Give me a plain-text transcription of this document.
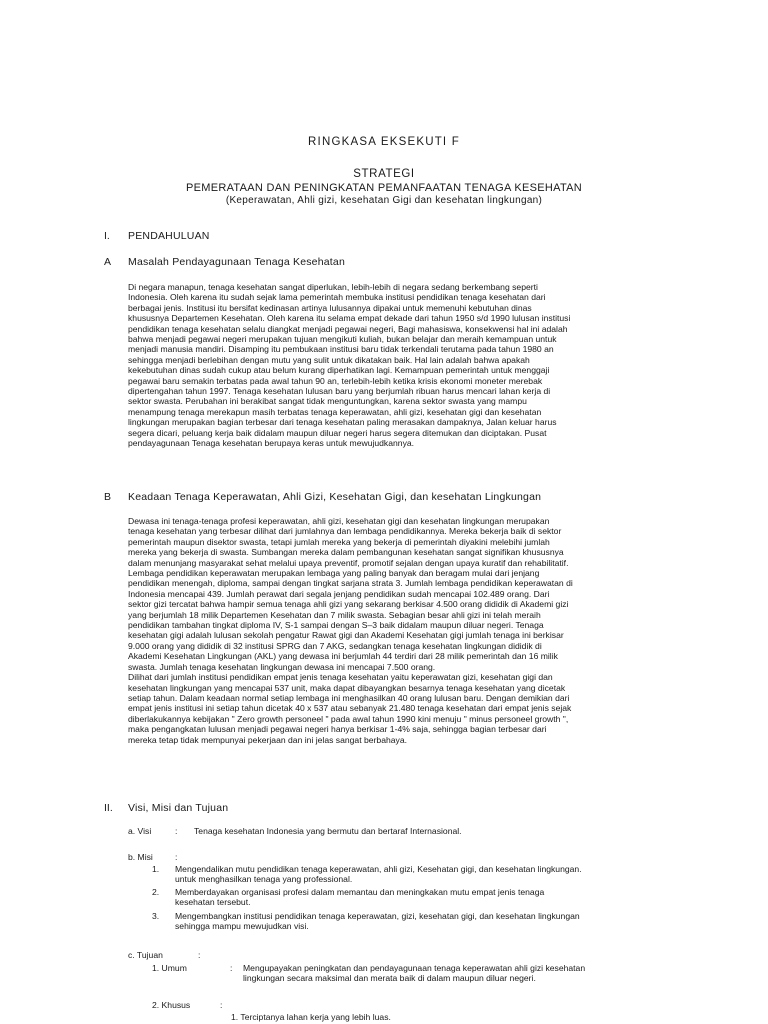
RINGKASA EKSEKUTI F
STRATEGI
PEMERATAAN DAN PENINGKATAN PEMANFAATAN TENAGA KESEHATAN
(Keperawatan, Ahli gizi, kesehatan Gigi dan kesehatan lingkungan)
I. PENDAHULUAN
A Masalah Pendayagunaan Tenaga Kesehatan
Di negara manapun, tenaga kesehatan sangat diperlukan, lebih-lebih di negara sedang berkembang seperti
Indonesia. Oleh karena itu sudah sejak lama pemerintah membuka institusi pendidikan tenaga kesehatan dari
berbagai jenis. Institusi itu bersifat kedinasan artinya lulusannya dipakai untuk memenuhi kebutuhan dinas
khususnya Departemen Kesehatan. Oleh karena itu selama empat dekade dari tahun 1950 s/d 1990 lulusan institusi
pendidikan tenaga kesehatan selalu diangkat menjadi pegawai negeri, Bagi mahasiswa, konsekwensi hal ini adalah
bahwa menjadi pegawai negeri merupakan tujuan mengikuti kuliah, bukan belajar dan meraih kemampuan untuk
menjadi manusia mandiri. Disamping itu pembukaan institusi baru tidak terkendali terutama pada tahun 1980 an
sehingga menjadi berlebihan dengan mutu yang sulit untuk dikatakan baik. Hal lain adalah bahwa apakah
kekebutuhan dinas sudah cukup atau belum kurang diperhatikan lagi. Kemampuan pemerintah untuk menggaji
pegawai baru semakin terbatas pada awal tahun 90 an, terlebih-lebih ketika krisis ekonomi moneter merebak
dipertengahan tahun 1997. Tenaga kesehatan lulusan baru yang berjumlah ribuan harus mencari lahan kerja di
sektor swasta. Perubahan ini berakibat sangat tidak menguntungkan, karena sektor swasta yang mampu
menampung tenaga merekapun masih terbatas tenaga keperawatan, ahli gizi, kesehatan gigi dan kesehatan
lingkungan merupakan bagian terbesar dari tenaga kesehatan paling merasakan dampaknya, Jalan keluar harus
segera dicari, peluang kerja baik didalam maupun diluar negeri harus segera ditemukan dan diciptakan. Pusat
pendayagunaan Tenaga kesehatan berupaya keras untuk mewujudkannya.
B Keadaan Tenaga Keperawatan, Ahli Gizi, Kesehatan Gigi, dan kesehatan Lingkungan
Dewasa ini tenaga-tenaga profesi keperawatan, ahli gizi, kesehatan gigi dan kesehatan lingkungan merupakan
tenaga kesehatan yang terbesar dilihat dari jumlahnya dan lembaga pendidikannya. Mereka bekerja baik di sektor
pemerintah maupun disektor swasta, tetapi jumlah mereka yang bekerja di pemerintah diyakini melebihi jumlah
mereka yang bekerja di swasta. Sumbangan mereka dalam pembangunan kesehatan sangat signifikan khususnya
dalam menunjang masyarakat sehat melalui upaya preventif, promotif sejalan dengan upaya kuratif dan rehabilitatif.
Lembaga pendidikan keperawatan merupakan lembaga yang paling banyak dan beragam mulai dari jenjang
pendidikan menengah, diploma, sampai dengan tingkat sarjana strata 3. Jumlah lembaga pendidikan keperawatan di
Indonesia mencapai 439. Jumlah perawat dari segala jenjang pendidikan sudah mencapai 102.489 orang. Dari
sektor gizi tercatat bahwa hampir semua tenaga ahli gizi yang sekarang berkisar 4.500 orang dididik di Akademi gizi
yang berjumlah 18 milik Departemen Kesehatan dan 7 milik swasta. Sebagian besar ahli gizi ini telah meraih
pendidikan tambahan tingkat diploma IV, S-1 sampai dengan S–3 baik didalam maupun diluar negeri. Tenaga
kesehatan gigi adalah lulusan sekolah pengatur Rawat gigi dan Akademi Kesehatan gigi jumlah tenaga ini berkisar
9.000 orang yang dididik di 32 institusi SPRG dan 7 AKG, sedangkan tenaga kesehatan lingkungan dididik di
Akademi Kesehatan Lingkungan (AKL) yang dewasa ini berjumlah 44 terdiri dari 28 milik pemerintah dan 16 milik
swasta. Jumlah tenaga kesehatan lingkungan dewasa ini mencapai 7.500 orang.
Dilihat dari jumlah institusi pendidikan empat jenis tenaga kesehatan yaitu keperawatan gizi, kesehatan gigi dan
kesehatan lingkungan yang mencapai 537 unit, maka dapat dibayangkan besarnya tenaga kesehatan yang dicetak
setiap tahun. Dalam keadaan normal setiap lembaga ini menghasilkan 40 orang lulusan baru. Dengan demikian dari
empat jenis institusi ini setiap tahun dicetak 40 x 537 atau sebanyak 21.480 tenaga kesehatan dari empat jenis sejak
diberlakukannya kebijakan " Zero growth personeel " pada awal tahun 1990 kini menuju " minus personeel growth ",
maka pengangkatan lulusan menjadi pegawai negeri hanya berkisar 1-4% saja, sehingga bagian terbesar dari
mereka tetap tidak mempunyai pekerjaan dan ini jelas sangat berbahaya.
II. Visi, Misi dan Tujuan
a. Visi	: Tenaga kesehatan Indonesia yang bermutu dan bertaraf Internasional.
b. Misi	:
1. Mengendalikan mutu pendidikan tenaga keperawatan, ahli gizi, Kesehatan gigi, dan kesehatan lingkungan.
untuk menghasilkan tenaga yang professional.
2. Memberdayakan organisasi profesi dalam memantau dan meningkakan mutu empat jenis tenaga
kesehatan tersebut.
3. Mengembangkan institusi pendidikan tenaga keperawatan, gizi, kesehatan gigi, dan kesehatan lingkungan
sehingga mampu mewujudkan visi.
c. Tujuan	:
1. Umum	: Mengupayakan peningkatan dan pendayagunaan tenaga keperawatan ahli gizi kesehatan
lingkungan secara maksimal dan merata baik di dalam maupun diluar negeri.
2. Khusus	:
1. Terciptanya lahan kerja yang lebih luas.
